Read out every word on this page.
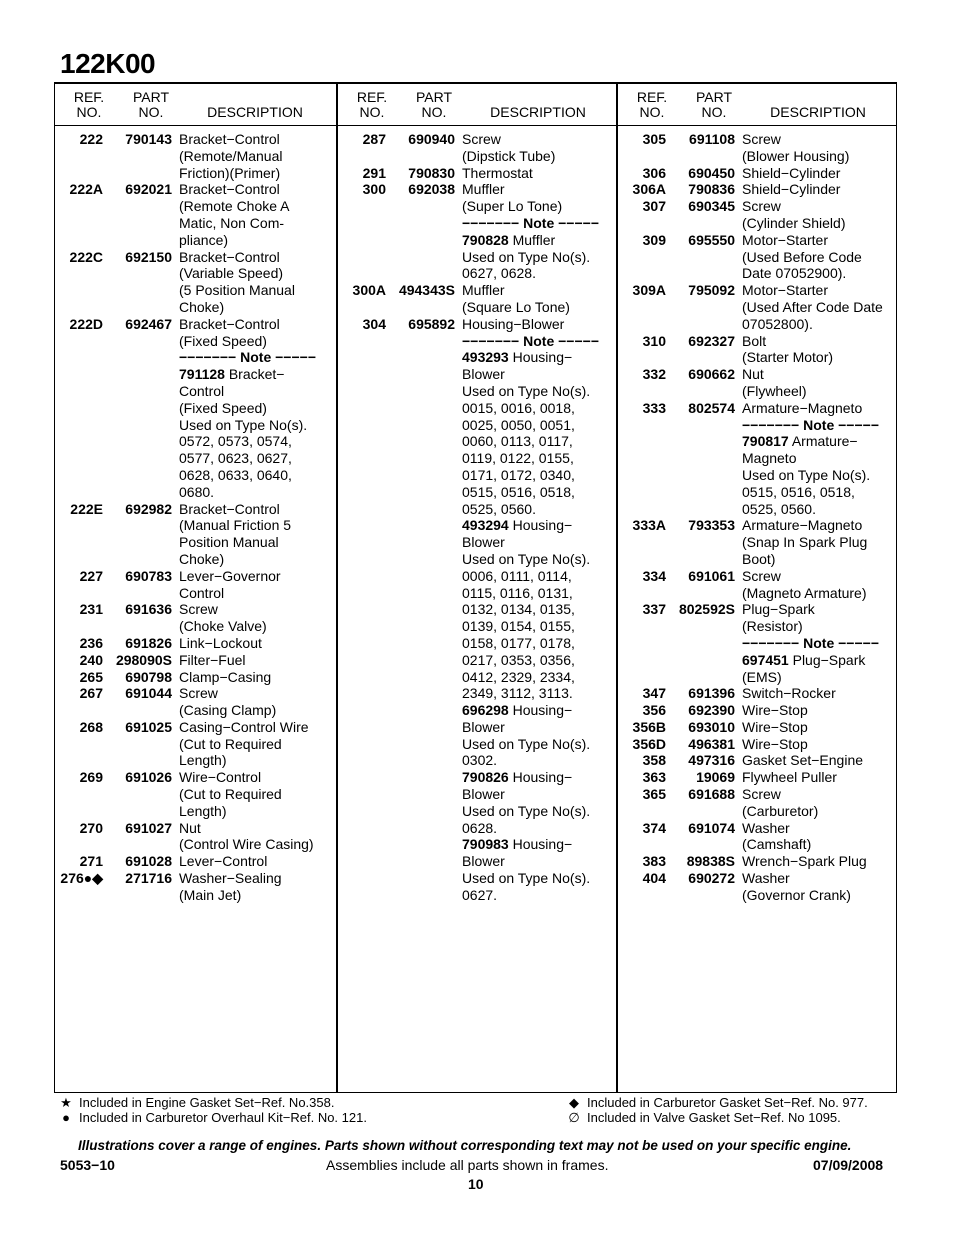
122K00
REF.
NO.
PART
NO.	DESCRIPTION
222	790143 Bracket−Control
(Remote/Manual
Friction)(Primer)
222A	692021 Bracket−Control
(Remote Choke A
Matic, Non Com-
pliance)
222C	692150 Bracket−Control
(Variable Speed)
(5 Position Manual
Choke)
222D	692467 Bracket−Control
(Fixed Speed)
−−−−−−− Note −−−−−
791128 Bracket−
Control
(Fixed Speed)
Used on Type No(s).
0572, 0573, 0574,
0577, 0623, 0627,
0628, 0633, 0640,
0680.
222E	692982 Bracket−Control
(Manual Friction 5
Position Manual
Choke)
227	690783 Lever−Governor
Control
231	691636 Screw
(Choke Valve)
236	691826 Link−Lockout
240 298090S Filter−Fuel
265	690798 Clamp−Casing
267	691044 Screw
(Casing Clamp)
268	691025 Casing−Control Wire
(Cut to Required
Length)
269	691026 Wire−Control
(Cut to Required
Length)
270	691027 Nut
(Control Wire Casing)
271	691028 Lever−Control
276●◆	271716 Washer−Sealing
(Main Jet)
REF.
NO.
PART
NO.	DESCRIPTION
287	690940 Screw
(Dipstick Tube)
291	790830 Thermostat
300	692038 Muffler
(Super Lo Tone)
−−−−−−− Note −−−−−
790828 Muffler
Used on Type No(s).
0627, 0628.
300A 494343S Muffler
(Square Lo Tone)
304	695892 Housing−Blower
−−−−−−− Note −−−−−
493293 Housing−
Blower
Used on Type No(s).
0015, 0016, 0018,
0025, 0050, 0051,
0060, 0113, 0117,
0119, 0122, 0155,
0171, 0172, 0340,
0515, 0516, 0518,
0525, 0560.
493294 Housing−
Blower
Used on Type No(s).
0006, 0111, 0114,
0115, 0116, 0131,
0132, 0134, 0135,
0139, 0154, 0155,
0158, 0177, 0178,
0217, 0353, 0356,
0412, 2329, 2334,
2349, 3112, 3113.
696298 Housing−
Blower
Used on Type No(s).
0302.
790826 Housing−
Blower
Used on Type No(s).
0628.
790983 Housing−
Blower
Used on Type No(s).
0627.
REF.
NO.
PART
NO.	DESCRIPTION
305	691108 Screw
(Blower Housing)
306	690450 Shield−Cylinder
306A	790836 Shield−Cylinder
307	690345 Screw
(Cylinder Shield)
309	695550 Motor−Starter
(Used Before Code
Date 07052900).
309A	795092 Motor−Starter
(Used After Code Date
07052800).
310	692327 Bolt
(Starter Motor)
332	690662 Nut
(Flywheel)
333	802574 Armature−Magneto
−−−−−−− Note −−−−−
790817 Armature−
Magneto
Used on Type No(s).
0515, 0516, 0518,
0525, 0560.
333A	793353 Armature−Magneto
(Snap In Spark Plug
Boot)
334	691061 Screw
(Magneto Armature)
337 802592S Plug−Spark
(Resistor)
−−−−−−− Note −−−−−
697451 Plug−Spark
(EMS)
347	691396 Switch−Rocker
356	692390 Wire−Stop
356B	693010 Wire−Stop
356D	496381 Wire−Stop
358	497316 Gasket Set−Engine
363	19069 Flywheel Puller
365	691688 Screw
(Carburetor)
374	691074 Washer
(Camshaft)
383	89838S Wrench−Spark Plug
404	690272 Washer
(Governor Crank)
★ Included in Engine Gasket Set−Ref. No.358.
● Included in Carburetor Overhaul Kit−Ref. No. 121.
◆ Included in Carburetor Gasket Set−Ref. No. 977.
∅ Included in Valve Gasket Set−Ref. No 1095.
Illustrations cover a range of engines. Parts shown without corresponding text may not be used on your specific engine.
5053−10	Assemblies include all parts shown in frames.	07/09/2008
10
